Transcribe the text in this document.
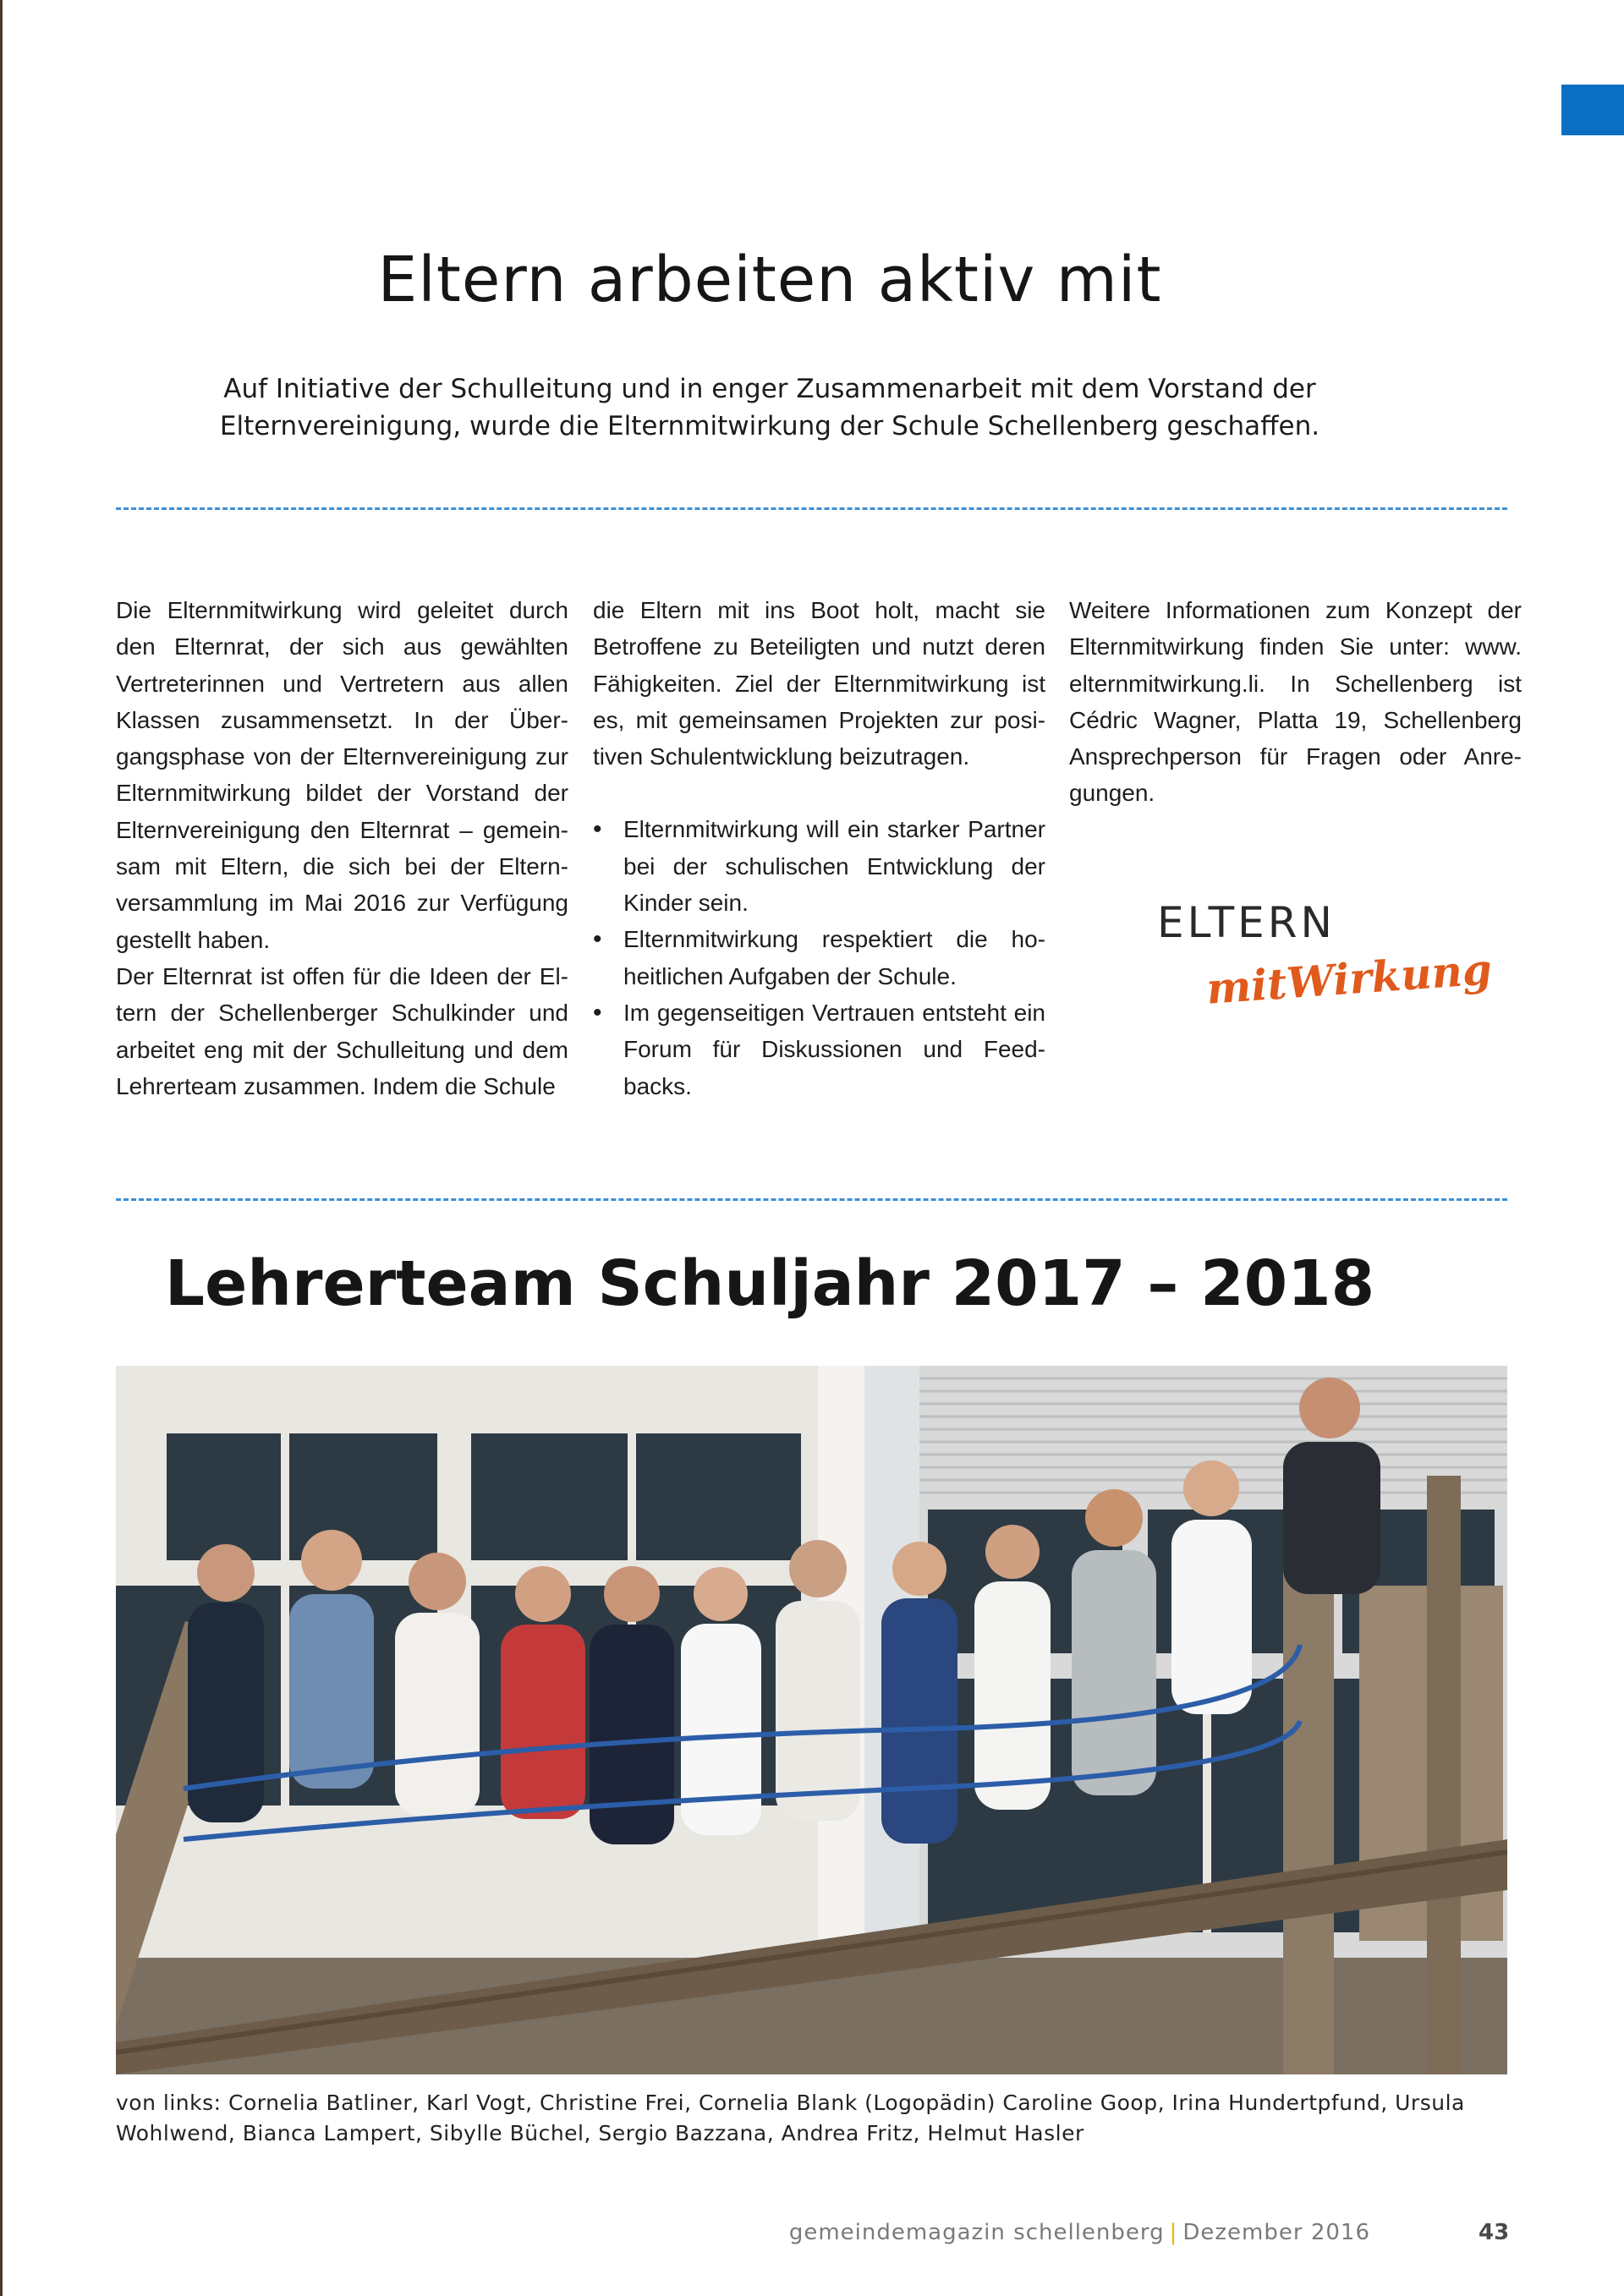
Eltern arbeiten aktiv mit

Auf Initiative der Schulleitung und in enger Zusammenarbeit mit dem Vorstand der Elternvereinigung, wurde die Elternmitwirkung der Schule Schellenberg geschaffen.

Die Elternmitwirkung wird geleitet durch den Elternrat, der sich aus gewählten Vertreterinnen und Vertretern aus allen Klassen zusammensetzt. In der Übergangsphase von der Elternvereinigung zur Elternmitwirkung bildet der Vorstand der Elternvereinigung den Elternrat – gemeinsam mit Eltern, die sich bei der Elternversammlung im Mai 2016 zur Verfügung gestellt haben.

Der Elternrat ist offen für die Ideen der Eltern der Schellenberger Schulkinder und arbeitet eng mit der Schulleitung und dem Lehrerteam zusammen. Indem die Schule

die Eltern mit ins Boot holt, macht sie Betroffene zu Beteiligten und nutzt deren Fähigkeiten. Ziel der Elternmitwirkung ist es, mit gemeinsamen Projekten zur positiven Schulentwicklung beizutragen.

• Elternmitwirkung will ein starker Partner bei der schulischen Entwicklung der Kinder sein.
• Elternmitwirkung respektiert die hoheitlichen Aufgaben der Schule.
• Im gegenseitigen Vertrauen entsteht ein Forum für Diskussionen und Feedbacks.

Weitere Informationen zum Konzept der Elternmitwirkung finden Sie unter: www. elternmitwirkung.li. In Schellenberg ist Cédric Wagner, Platta 19, Schellenberg Ansprechperson für Fragen oder Anregungen.

ELTERN
mitWirkung
Lehrerteam Schuljahr 2017 – 2018

von links: Cornelia Batliner, Karl Vogt, Christine Frei, Cornelia Blank (Logopädin) Caroline Goop, Irina Hundertpfund, Ursula Wohlwend, Bianca Lampert, Sibylle Büchel, Sergio Bazzana, Andrea Fritz, Helmut Hasler

gemeindemagazin schellenberg | Dezember 2016	43
